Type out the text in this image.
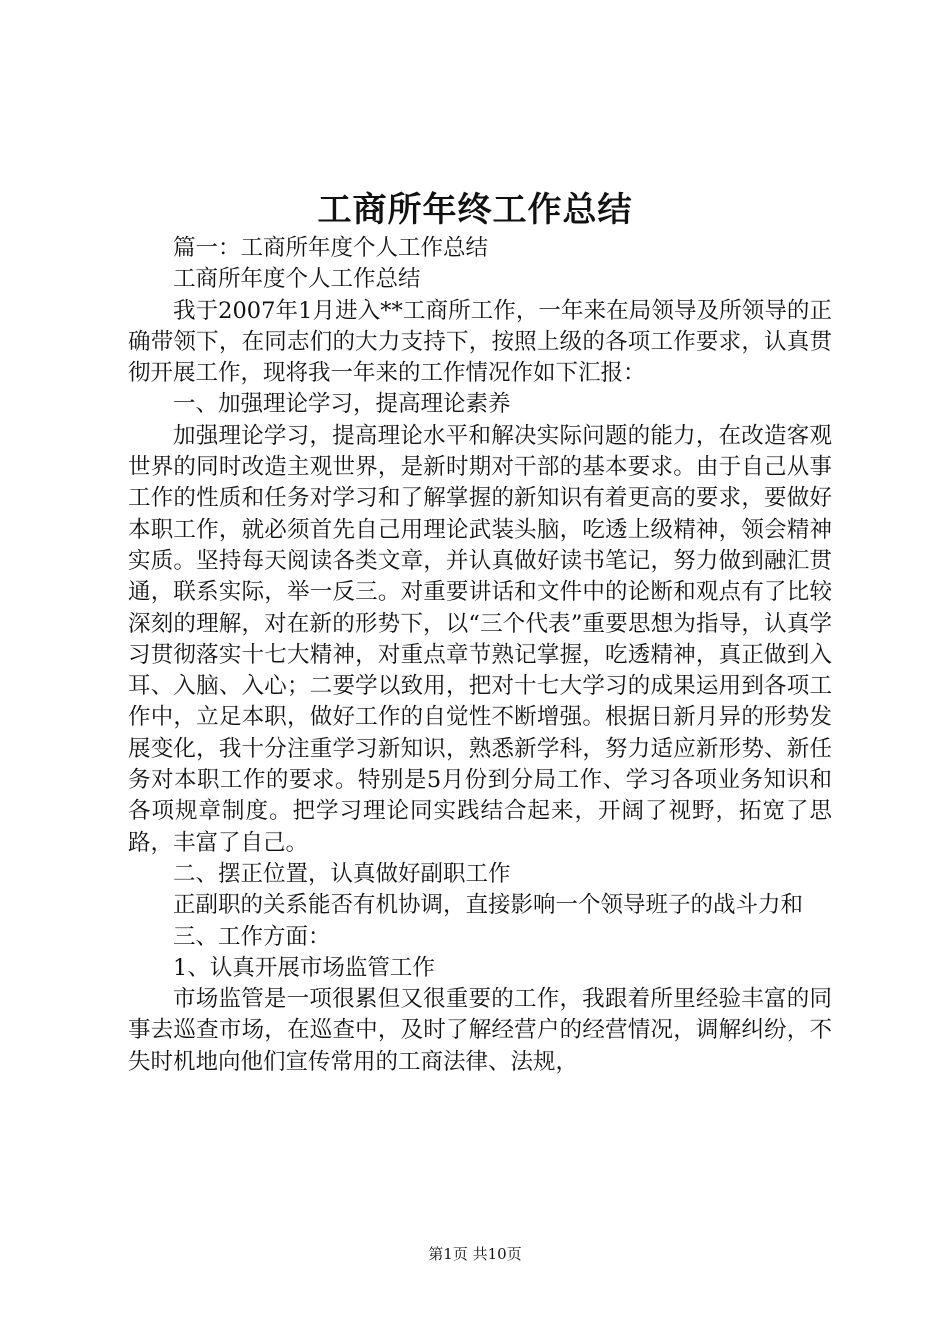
工商所年终工作总结

篇一：工商所年度个人工作总结

工商所年度个人工作总结

我于2007年1月进入**工商所工作，一年来在局领导及所领导的正确带领下，在同志们的大力支持下，按照上级的各项工作要求，认真贯彻开展工作，现将我一年来的工作情况作如下汇报：

一、加强理论学习，提高理论素养

加强理论学习，提高理论水平和解决实际问题的能力，在改造客观世界的同时改造主观世界，是新时期对干部的基本要求。由于自己从事工作的性质和任务对学习和了解掌握的新知识有着更高的要求，要做好本职工作，就必须首先自己用理论武装头脑，吃透上级精神，领会精神实质。坚持每天阅读各类文章，并认真做好读书笔记，努力做到融汇贯通，联系实际，举一反三。对重要讲话和文件中的论断和观点有了比较深刻的理解，对在新的形势下，以“三个代表”重要思想为指导，认真学习贯彻落实十七大精神，对重点章节熟记掌握，吃透精神，真正做到入耳、入脑、入心；二要学以致用，把对十七大学习的成果运用到各项工作中，立足本职，做好工作的自觉性不断增强。根据日新月异的形势发展变化，我十分注重学习新知识，熟悉新学科，努力适应新形势、新任务对本职工作的要求。特别是5月份到分局工作、学习各项业务知识和各项规章制度。把学习理论同实践结合起来，开阔了视野，拓宽了思路，丰富了自己。

二、摆正位置，认真做好副职工作

正副职的关系能否有机协调，直接影响一个领导班子的战斗力和

三、工作方面：

1、认真开展市场监管工作

市场监管是一项很累但又很重要的工作，我跟着所里经验丰富的同事去巡查市场，在巡查中，及时了解经营户的经营情况，调解纠纷，不失时机地向他们宣传常用的工商法律、法规，

第1页 共10页
